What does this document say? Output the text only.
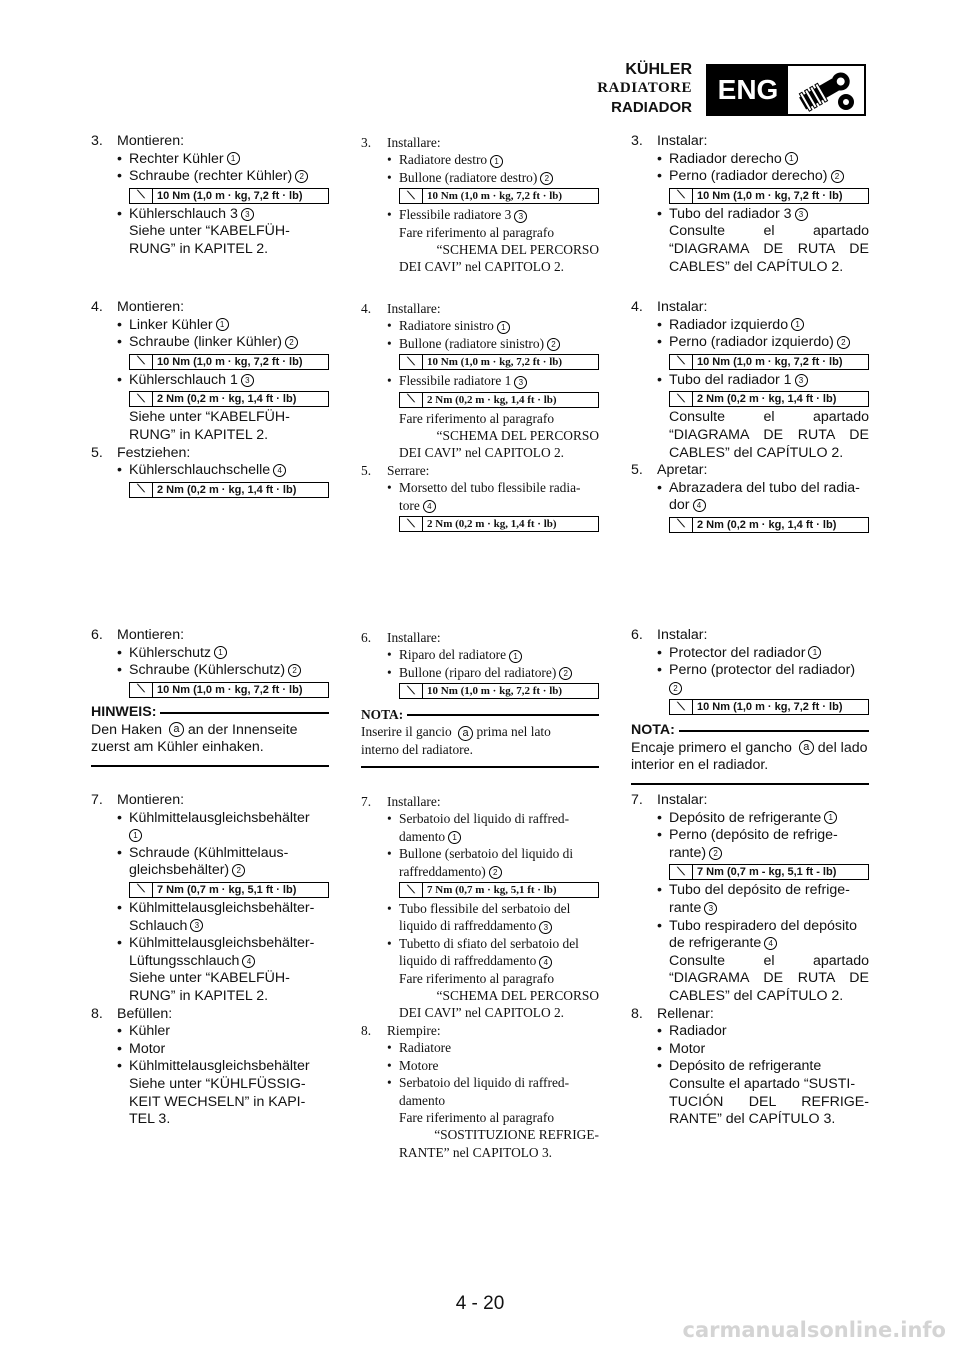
KÜHLER
RADIATORE
RADIADOR
ENG
3. Montieren:
• Rechter Kühler 1
• Schraube (rechter Kühler) 2
⟍	10 Nm (1,0 m · kg, 7,2 ft · lb)
• Kühlerschlauch 3 3
Siehe unter “KABELFÜH-
RUNG” in KAPITEL 2.
4. Montieren:
• Linker Kühler 1
• Schraube (linker Kühler) 2
⟍	10 Nm (1,0 m · kg, 7,2 ft · lb)
• Kühlerschlauch 1 3
⟍	2 Nm (0,2 m · kg, 1,4 ft · lb)
Siehe unter “KABELFÜH-
RUNG” in KAPITEL 2.
5. Festziehen:
• Kühlerschlauchschelle 4
⟍	2 Nm (0,2 m · kg, 1,4 ft · lb)
6. Montieren:
• Kühlerschutz 1
• Schraube (Kühlerschutz) 2
⟍	10 Nm (1,0 m · kg, 7,2 ft · lb)
HINWEIS:
Den Haken a an der Innenseite
zuerst am Kühler einhaken.
7. Montieren:
• Kühlmittelausgleichsbehälter
1
• Schraude (Kühlmittelaus-
gleichsbehälter) 2
⟍	7 Nm (0,7 m · kg, 5,1 ft · lb)
• Kühlmittelausgleichsbehälter-
Schlauch 3
• Kühlmittelausgleichsbehälter-
Lüftungsschlauch 4
Siehe unter “KABELFÜH-
RUNG” in KAPITEL 2.
8. Befüllen:
• Kühler
• Motor
• Kühlmittelausgleichsbehälter
Siehe unter “KÜHLFÜSSIG-
KEIT WECHSELN” in KAPI-
TEL 3.
3.	Installare:
• Radiatore destro 1
• Bullone (radiatore destro) 2
⟍	10 Nm (1,0 m · kg, 7,2 ft · lb)
• Flessibile radiatore 3 3
Fare riferimento al paragrafo
“SCHEMA DEL PERCORSO
DEI CAVI” nel CAPITOLO 2.
4.	Installare:
• Radiatore sinistro 1
• Bullone (radiatore sinistro) 2
⟍	10 Nm (1,0 m · kg, 7,2 ft · lb)
• Flessibile radiatore 1 3
⟍	2 Nm (0,2 m · kg, 1,4 ft · lb)
Fare riferimento al paragrafo
“SCHEMA DEL PERCORSO
DEI CAVI” nel CAPITOLO 2.
5.	Serrare:
• Morsetto del tubo flessibile radia-
tore 4
⟍	2 Nm (0,2 m · kg, 1,4 ft · lb)
6.	Installare:
• Riparo del radiatore 1
• Bullone (riparo del radiatore) 2
⟍	10 Nm (1,0 m · kg, 7,2 ft · lb)
NOTA:
Inserire il gancio a prima nel lato
interno del radiatore.
7.	Installare:
• Serbatoio del liquido di raffred-
damento 1
• Bullone (serbatoio del liquido di
raffreddamento) 2
⟍	7 Nm (0,7 m · kg, 5,1 ft · lb)
• Tubo flessibile del serbatoio del
liquido di raffreddamento 3
• Tubetto di sfiato del serbatoio del
liquido di raffreddamento 4
Fare riferimento al paragrafo
“SCHEMA DEL PERCORSO
DEI CAVI” nel CAPITOLO 2.
8.	Riempire:
• Radiatore
• Motore
• Serbatoio del liquido di raffred-
damento
Fare riferimento al paragrafo
“SOSTITUZIONE REFRIGE-
RANTE” nel CAPITOLO 3.
3. Instalar:
• Radiador derecho 1
• Perno (radiador derecho) 2
⟍	10 Nm (1,0 m · kg, 7,2 ft · lb)
• Tubo del radiador 3 3
Consulte el apartado
“DIAGRAMA DE RUTA DE
CABLES” del CAPÍTULO 2.
4. Instalar:
• Radiador izquierdo 1
• Perno (radiador izquierdo) 2
⟍	10 Nm (1,0 m · kg, 7,2 ft · lb)
• Tubo del radiador 1 3
⟍	2 Nm (0,2 m · kg, 1,4 ft · lb)
Consulte el apartado
“DIAGRAMA DE RUTA DE
CABLES” del CAPÍTULO 2.
5. Apretar:
• Abrazadera del tubo del radia-
dor 4
⟍	2 Nm (0,2 m · kg, 1,4 ft · lb)
6. Instalar:
• Protector del radiador 1
• Perno (protector del radiador)
2
⟍	10 Nm (1,0 m · kg, 7,2 ft · lb)
NOTA:
Encaje primero el gancho a del lado
interior en el radiador.
7. Instalar:
• Depósito de refrigerante 1
• Perno (depósito de refrige-
rante) 2
⟍	7 Nm (0,7 m - kg, 5,1 ft - lb)
• Tubo del depósito de refrige-
rante 3
• Tubo respiradero del depósito
de refrigerante 4
Consulte el apartado
“DIAGRAMA DE RUTA DE
CABLES” del CAPÍTULO 2.
8. Rellenar:
• Radiador
• Motor
• Depósito de refrigerante
Consulte el apartado “SUSTI-
TUCIÓN DEL REFRIGE-
RANTE” del CAPÍTULO 3.
4 - 20
carmanualsonline.info
